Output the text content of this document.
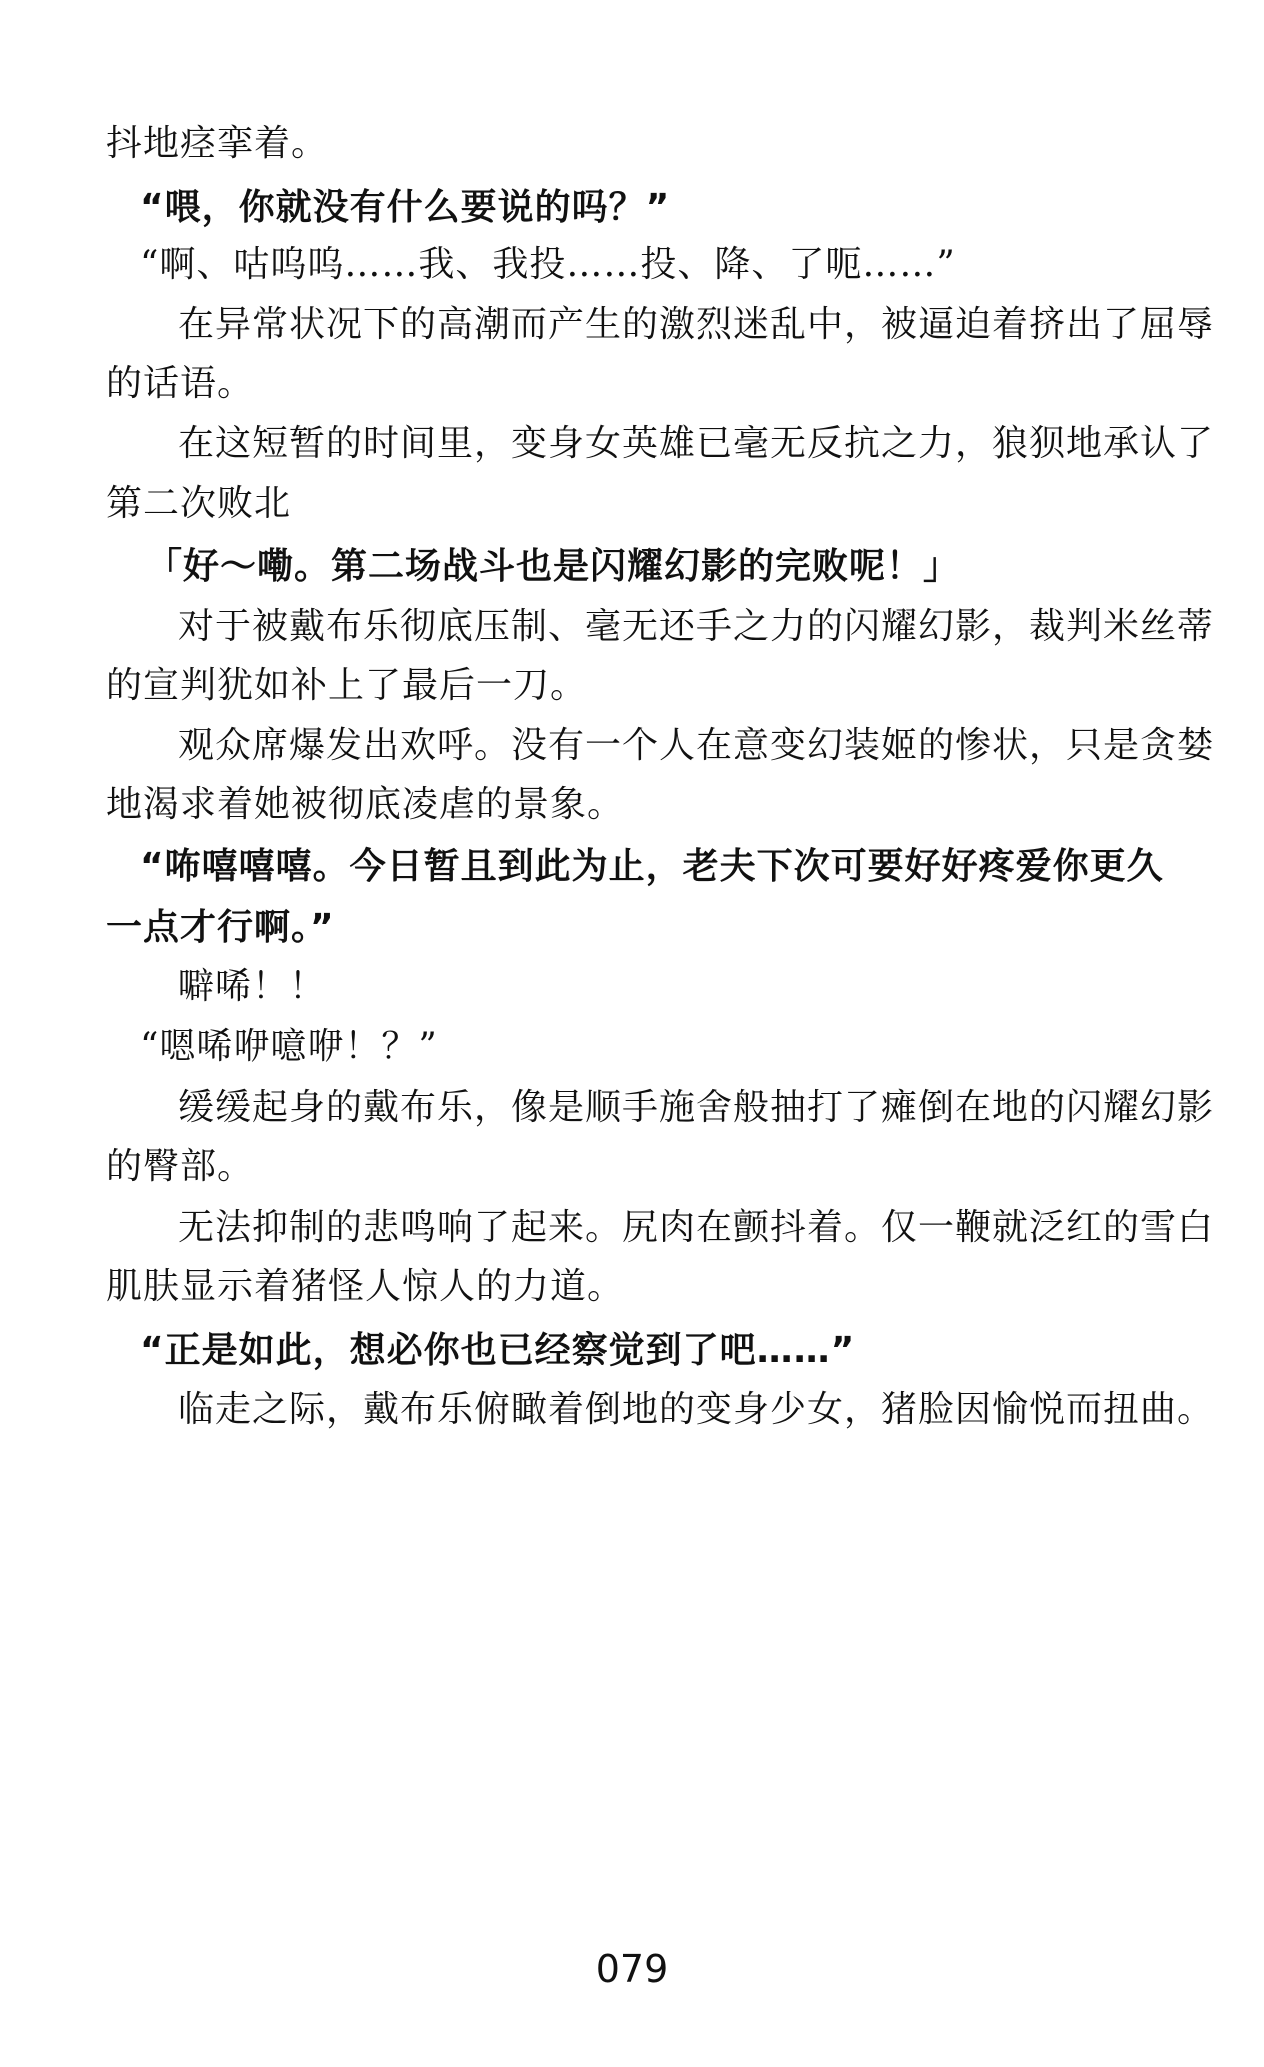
抖地痉挛着。
“喂，你就没有什么要说的吗？”
“啊、咕呜呜……我、我投……投、降、了呃……”
在异常状况下的高潮而产生的激烈迷乱中，被逼迫着挤出了屈辱
的话语。
在这短暂的时间里，变身女英雄已毫无反抗之力，狼狈地承认了
第二次败北
「好～嘞。第二场战斗也是闪耀幻影的完败呢！」
对于被戴布乐彻底压制、毫无还手之力的闪耀幻影，裁判米丝蒂
的宣判犹如补上了最后一刀。
观众席爆发出欢呼。没有一个人在意变幻装姬的惨状，只是贪婪
地渴求着她被彻底凌虐的景象。
“咘嘻嘻嘻。今日暂且到此为止，老夫下次可要好好疼爱你更久
一点才行啊。”
噼唏！！
“嗯唏咿噫咿！？”
缓缓起身的戴布乐，像是顺手施舍般抽打了瘫倒在地的闪耀幻影
的臀部。
无法抑制的悲鸣响了起来。尻肉在颤抖着。仅一鞭就泛红的雪白
肌肤显示着猪怪人惊人的力道。
“正是如此，想必你也已经察觉到了吧……”
临走之际，戴布乐俯瞰着倒地的变身少女，猪脸因愉悦而扭曲。
079
